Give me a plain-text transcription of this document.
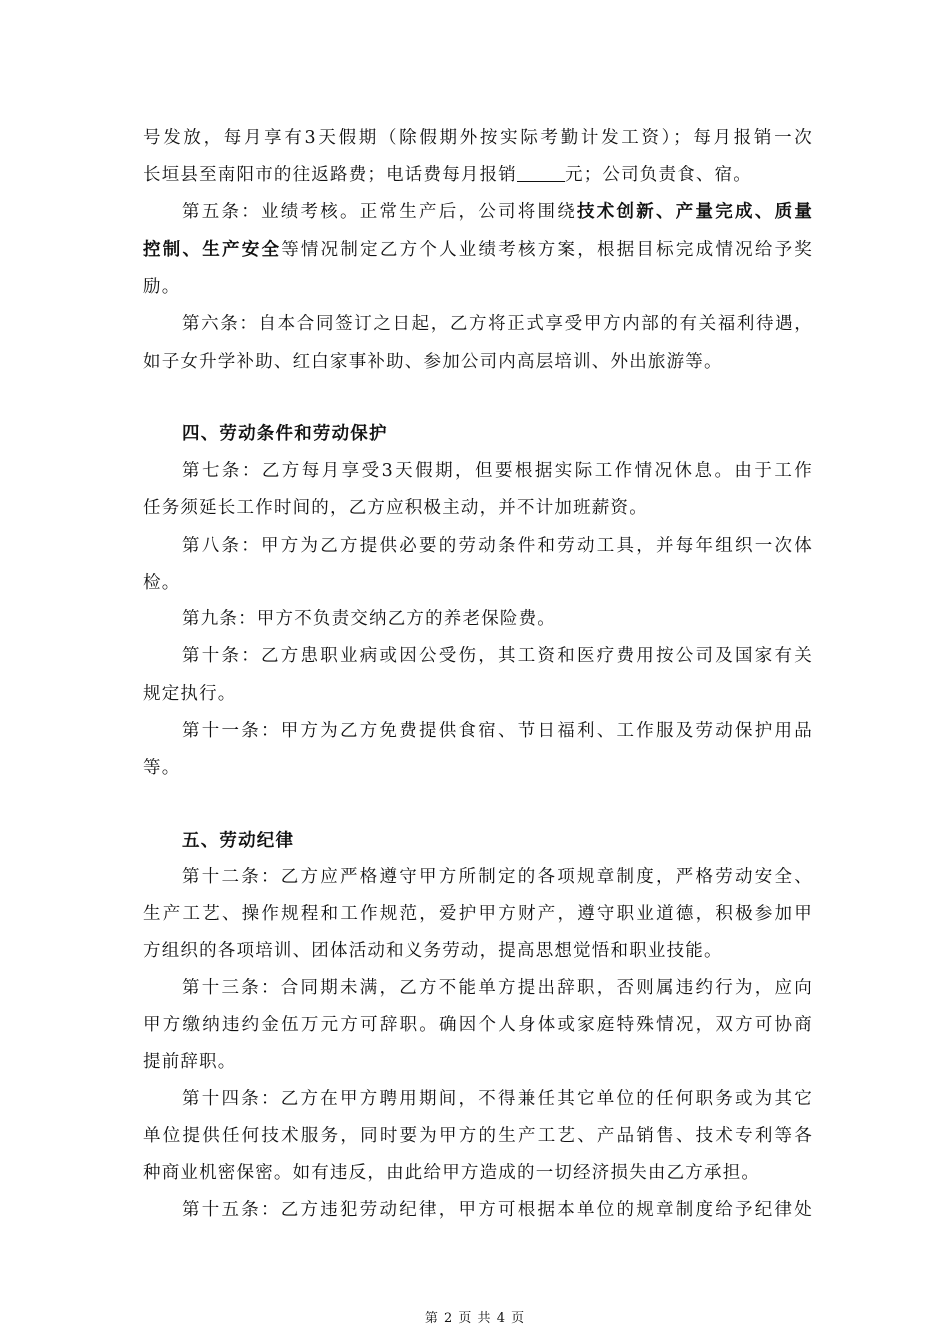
号发放，每月享有3天假期（除假期外按实际考勤计发工资）；每月报销一次
长垣县至南阳市的往返路费；电话费每月报销	元；公司负责食、宿。
第五条：业绩考核。正常生产后，公司将围绕技术创新、产量完成、质量
控制、生产安全等情况制定乙方个人业绩考核方案，根据目标完成情况给予奖
励。
第六条：自本合同签订之日起，乙方将正式享受甲方内部的有关福利待遇，
如子女升学补助、红白家事补助、参加公司内高层培训、外出旅游等。
四、劳动条件和劳动保护
第七条：乙方每月享受3天假期，但要根据实际工作情况休息。由于工作
任务须延长工作时间的，乙方应积极主动，并不计加班薪资。
第八条：甲方为乙方提供必要的劳动条件和劳动工具，并每年组织一次体
检。
第九条：甲方不负责交纳乙方的养老保险费。
第十条：乙方患职业病或因公受伤，其工资和医疗费用按公司及国家有关
规定执行。
第十一条：甲方为乙方免费提供食宿、节日福利、工作服及劳动保护用品
等。
五、劳动纪律
第十二条：乙方应严格遵守甲方所制定的各项规章制度，严格劳动安全、
生产工艺、操作规程和工作规范，爱护甲方财产，遵守职业道德，积极参加甲
方组织的各项培训、团体活动和义务劳动，提高思想觉悟和职业技能。
第十三条：合同期未满，乙方不能单方提出辞职，否则属违约行为，应向
甲方缴纳违约金伍万元方可辞职。确因个人身体或家庭特殊情况，双方可协商
提前辞职。
第十四条：乙方在甲方聘用期间，不得兼任其它单位的任何职务或为其它
单位提供任何技术服务，同时要为甲方的生产工艺、产品销售、技术专利等各
种商业机密保密。如有违反，由此给甲方造成的一切经济损失由乙方承担。
第十五条：乙方违犯劳动纪律，甲方可根据本单位的规章制度给予纪律处
第 2 页 共 4 页
